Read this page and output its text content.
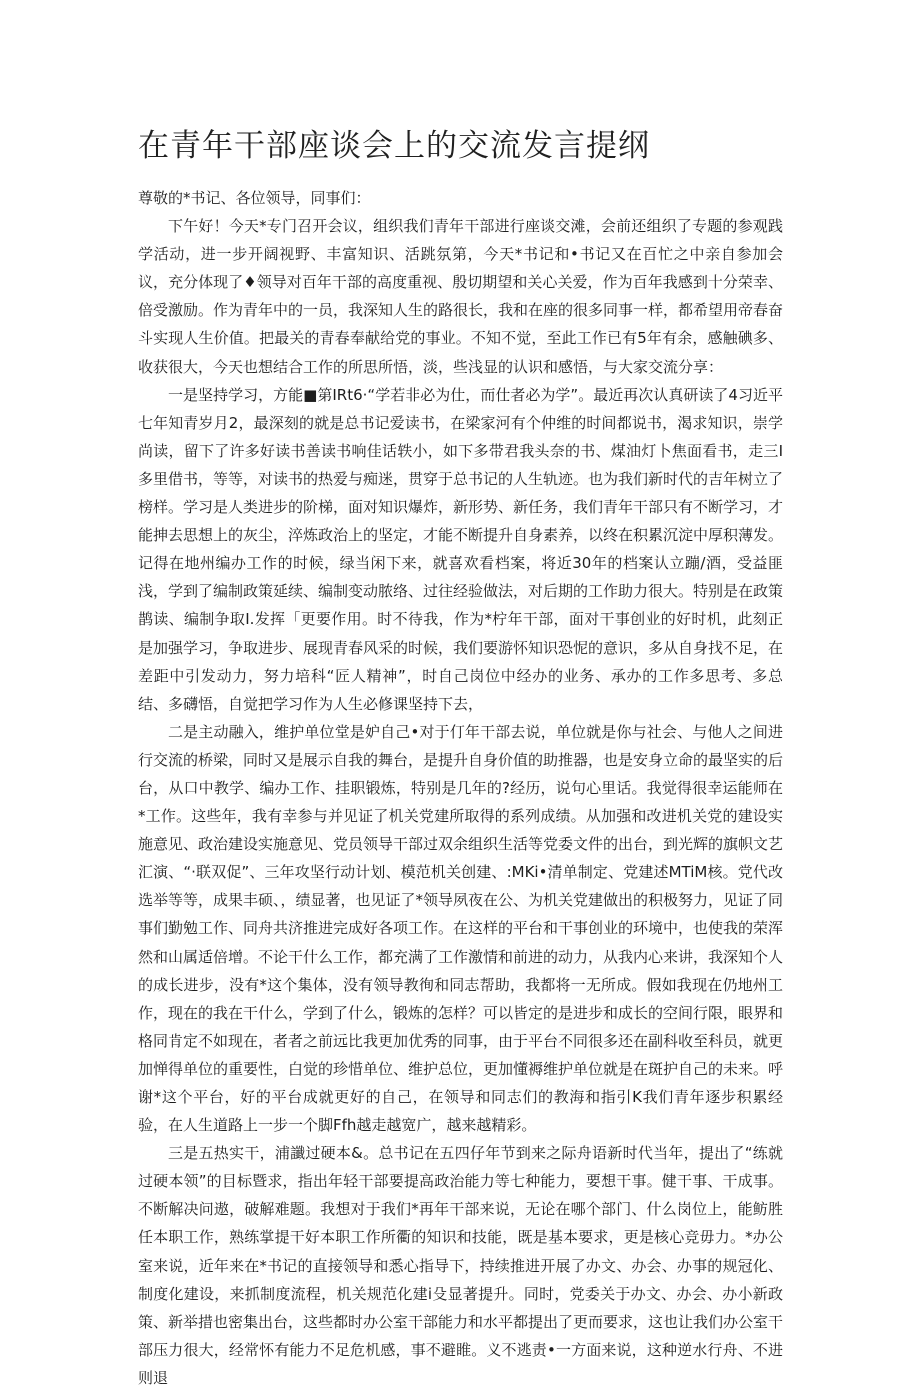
在青年干部座谈会上的交流发言提纲

尊敬的*书记、各位领导，同事们：

下午好！今天*专门召开会议，组织我们青年干部进行座谈交滩，会前还组织了专题的参观践学活动，进一步开阔视野、丰富知识、活跳氛第，今天*书记和•书记又在百忙之中亲自参加会议，充分体现了♦领导对百年干部的高度重视、殷切期望和关心关爱，作为百年我感到十分荣幸、倍受激励。作为青年中的一员，我深知人生的路很长，我和在座的很多同事一样，都希望用帝春奋斗实现人生价值。把最关的青春奉献给党的事业。不知不觉，至此工作已有5年有余，感触碘多、收获很大，今天也想结合工作的所思所悟，淡，些浅显的认识和感悟，与大家交流分享：

一是坚持学习，方能■第IRt6·“学若非必为仕，而仕者必为学”。最近再次认真研读了4习近平七年知青岁月2，最深刻的就是总书记爱读书，在梁家河有个仲维的时间都说书，渴求知识，崇学尚读，留下了许多好读书善读书响佳话轶小，如下多带君我头奈的书、煤油灯卜焦面看书，走三I多里借书，等等，对读书的热爱与痴迷，贯穿于总书记的人生轨迹。也为我们新时代的吉年树立了榜样。学习是人类进步的阶梯，面对知识爆炸，新形势、新任务，我们青年干部只有不断学习，才能抻去思想上的灰尘，淬炼政治上的坚定，才能不断提升自身素养，以终在积累沉淀中厚积薄发。记得在地州编办工作的时候，绿当闲下来，就喜欢看档案，将近30年的档案认立蹦/酒，受益匪浅，学到了编制政策延续、编制变动脓络、过往经验做法，对后期的工作助力很大。特别是在政策鹊读、编制争取I.发挥「更要作用。时不待我，作为*柠年干部，面对干事创业的好时机，此刻正是加强学习，争取进步、展现青春风采的时候，我们要游怀知识恐怩的意识，多从自身找不足，在差距中引发动力，努力培科“匠人精神”，时自己岗位中经办的业务、承办的工作多思考、多总结、多礴悟，自觉把学习作为人生必修课坚持下去，

二是主动融入，维护单位堂是妒自己•对于仃年干部去说，单位就是你与社会、与他人之间进行交流的桥梁，同时又是展示自我的舞台，是提升自身价值的助推器，也是安身立命的最坚实的后台，从口中教学、编办工作、挂职锻炼，特别是几年的?经历，说句心里话。我觉得很幸运能师在*工作。这些年，我有幸参与并见证了机关党建所取得的系列成绩。从加强和改进机关党的建设实施意见、政治建设实施意见、党员领导干部过双余组织生活等党委文件的出台，到光辉的旗帜文艺汇演、“·联双促”、三年攻坚行动计划、模范机关创建、:MKi•清单制定、党建述MTiM核。党代改选举等等，成果丰硕、，绩显著，也见证了*领导夙夜在公、为机关党建做出的积极努力，见证了同事们勤勉工作、同舟共济推进完成好各项工作。在这样的平台和干事创业的环境中，也使我的荣浑然和山属适倍增。不论干什么工作，都充满了工作激情和前进的动力，从我内心来讲，我深知个人的成长进步，没有*这个集体，没有领导教徇和同志帮助，我都将一无所成。假如我现在仍地州工作，现在的我在干什么，学到了什么，锻炼的怎样？可以皆定的是进步和成长的空间行限，眼界和格同肯定不如现在，者者之前远比我更加优秀的同事，由于平台不同很多还在副科收至科员，就更加惮得单位的重要性，白觉的珍惜单位、维护总位，更加懂褥维护单位就是在斑护自己的未来。呼谢*这个平台，好的平台成就更好的自己，在领导和同志们的教海和指引K我们青年逐步积累经验，在人生道路上一步一个脚Ffh越走越宽广，越来越精彩。

三是五热实干，浦讖过硬本&。总书记在五四仔年节到来之际舟语新时代当年，提出了“练就过硬本领”的目标暨求，指出年轻干部要提高政治能力等七种能力，要想干事。健干事、干成事。不断解决问遨，破解难题。我想对于我们*再年干部来说，无论在哪个部门、什么岗位上，能鲂胜任本职工作，熟练掌提干好本职工作所衢的知识和技能，既是基本要求，更是核心竞毋力。*办公室来说，近年来在*书记的直接领导和悉心指导下，持续推进开展了办文、办会、办事的规冠化、制度化建设，来抓制度流程，机关规范化建i殳显著提升。同时，党委关于办文、办会、办小新政策、新举措也密集出台，这些都时办公室干部能力和水平都提出了更而要求，这也让我们办公室干部压力很大，经常怀有能力不足危机感，事不避睢。义不逃责•一方面来说，这种逆水行舟、不进则退
